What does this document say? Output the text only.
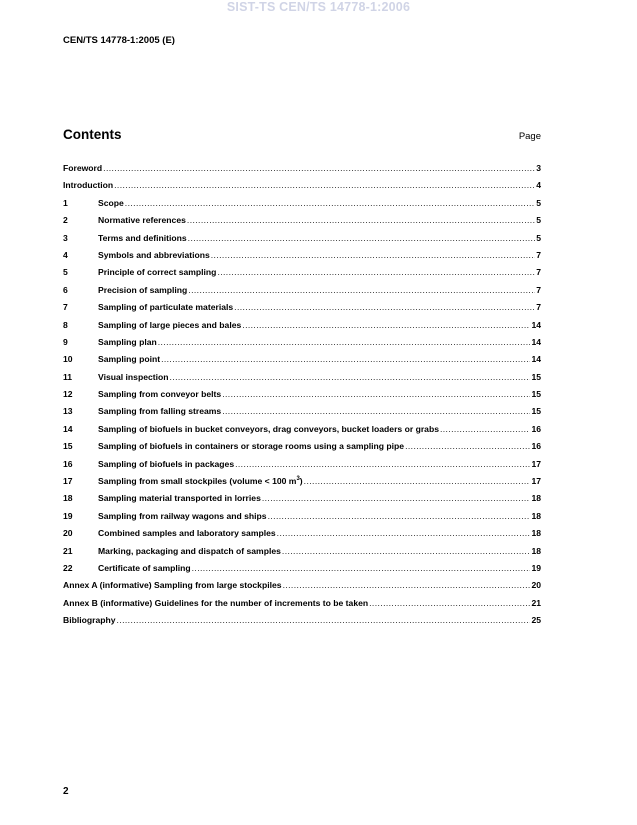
SIST-TS CEN/TS 14778-1:2006
CEN/TS 14778-1:2005 (E)
Contents	Page
Foreword .....	3
Introduction .....	4
1	Scope .....	5
2	Normative references .....	5
3	Terms and definitions .....	5
4	Symbols and abbreviations .....	7
5	Principle of correct sampling .....	7
6	Precision of sampling .....	7
7	Sampling of particulate materials .....	7
8	Sampling of large pieces and bales .....	14
9	Sampling plan .....	14
10	Sampling point .....	14
11	Visual inspection .....	15
12	Sampling from conveyor belts .....	15
13	Sampling from falling streams .....	15
14	Sampling of biofuels in bucket conveyors, drag conveyors, bucket loaders or grabs .....	16
15	Sampling of biofuels in containers or storage rooms using a sampling pipe .....	16
16	Sampling of biofuels in packages .....	17
17	Sampling from small stockpiles (volume < 100 $m^3$) .....	17
18	Sampling material transported in lorries .....	18
19	Sampling from railway wagons and ships .....	18
20	Combined samples and laboratory samples .....	18
21	Marking, packaging and dispatch of samples .....	18
22	Certificate of sampling .....	19
Annex A (informative) Sampling from large stockpiles .....	20
Annex B (informative) Guidelines for the number of increments to be taken .....	21
Bibliography .....	25
2
